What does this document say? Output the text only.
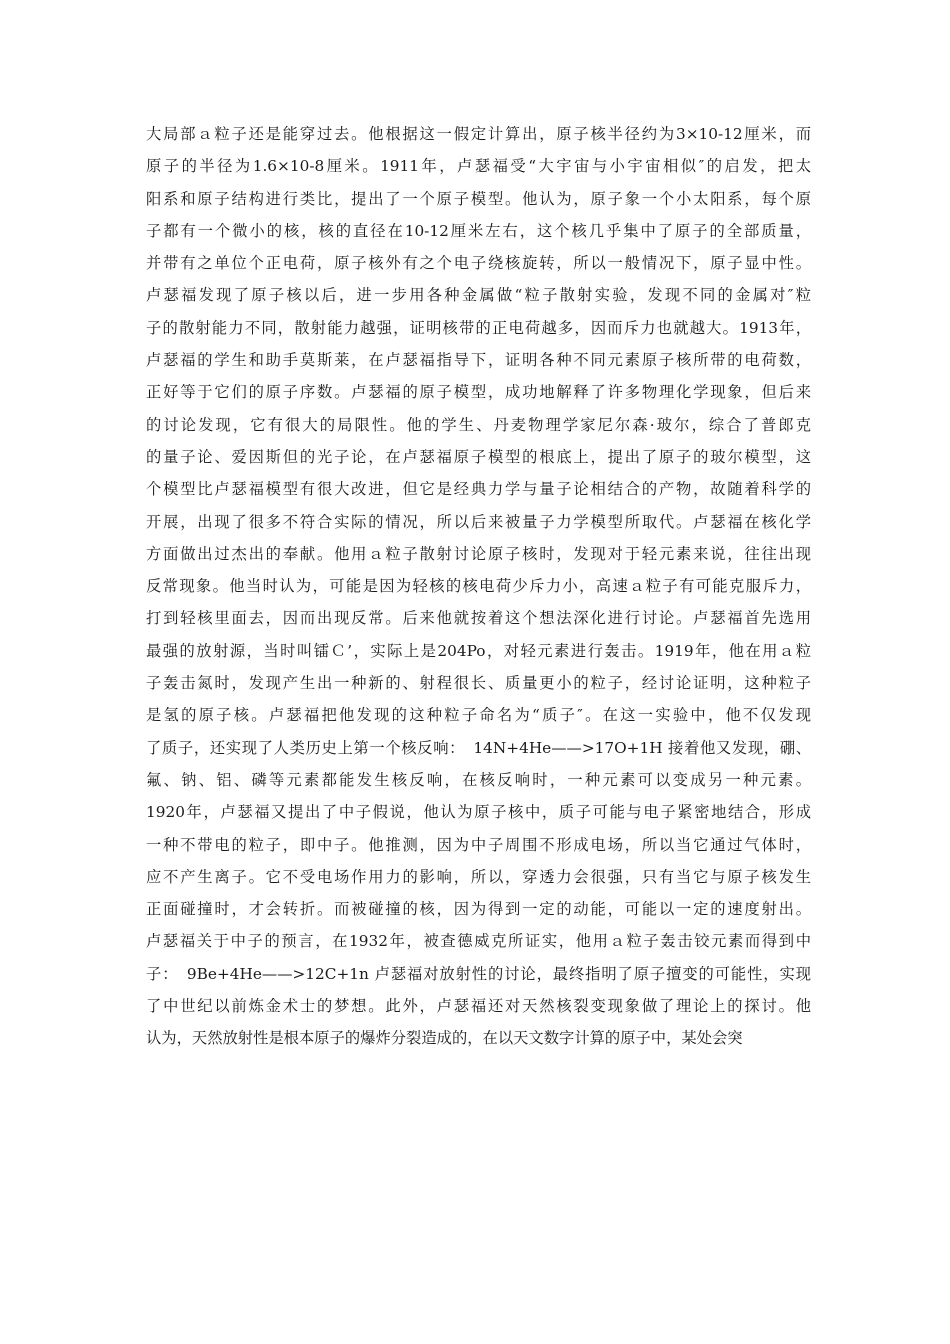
大局部ａ粒子还是能穿过去。他根据这一假定计算出，原子核半径约为3×10-12厘米，而
原子的半径为1.6×10-8厘米。1911年，卢瑟福受“大宇宙与小宇宙相似″的启发，把太
阳系和原子结构进行类比，提出了一个原子模型。他认为，原子象一个小太阳系，每个原
子都有一个微小的核，核的直径在10-12厘米左右，这个核几乎集中了原子的全部质量，
并带有之单位个正电荷，原子核外有之个电子绕核旋转，所以一般情况下，原子显中性。
卢瑟福发现了原子核以后，进一步用各种金属做“粒子散射实验，发现不同的金属对″粒
子的散射能力不同，散射能力越强，证明核带的正电荷越多，因而斥力也就越大。1913年，
卢瑟福的学生和助手莫斯莱，在卢瑟福指导下，证明各种不同元素原子核所带的电荷数，
正好等于它们的原子序数。卢瑟福的原子模型，成功地解释了许多物理化学现象，但后来
的讨论发现，它有很大的局限性。他的学生、丹麦物理学家尼尔森·玻尔，综合了普郎克
的量子论、爱因斯但的光子论，在卢瑟福原子模型的根底上，提出了原子的玻尔模型，这
个模型比卢瑟福模型有很大改进，但它是经典力学与量子论相结合的产物，故随着科学的
开展，出现了很多不符合实际的情况，所以后来被量子力学模型所取代。卢瑟福在核化学
方面做出过杰出的奉献。他用ａ粒子散射讨论原子核时，发现对于轻元素来说，往往出现
反常现象。他当时认为，可能是因为轻核的核电荷少斥力小，高速ａ粒子有可能克服斥力，
打到轻核里面去，因而出现反常。后来他就按着这个想法深化进行讨论。卢瑟福首先选用
最强的放射源，当时叫镭Ｃ’，实际上是204Po，对轻元素进行轰击。1919年，他在用ａ粒
子轰击氮时，发现产生出一种新的、射程很长、质量更小的粒子，经讨论证明，这种粒子
是氢的原子核。卢瑟福把他发现的这种粒子命名为“质子″。在这一实验中，他不仅发现
了质子，还实现了人类历史上第一个核反响：　14N+4He——>17O+1H 接着他又发现，硼、
氟、钠、铝、磷等元素都能发生核反响，在核反响时，一种元素可以变成另一种元素。
1920年，卢瑟福又提出了中子假说，他认为原子核中，质子可能与电子紧密地结合，形成
一种不带电的粒子，即中子。他推测，因为中子周围不形成电场，所以当它通过气体时，
应不产生离子。它不受电场作用力的影响，所以，穿透力会很强，只有当它与原子核发生
正面碰撞时，才会转折。而被碰撞的核，因为得到一定的动能，可能以一定的速度射出。
卢瑟福关于中子的预言，在1932年，被查德威克所证实，他用ａ粒子轰击铰元素而得到中
子：　9Be+4He——>12C+1n 卢瑟福对放射性的讨论，最终指明了原子擅变的可能性，实现
了中世纪以前炼金术士的梦想。此外，卢瑟福还对天然核裂变现象做了理论上的探讨。他
认为，天然放射性是根本原子的爆炸分裂造成的，在以天文数字计算的原子中，某处会突
